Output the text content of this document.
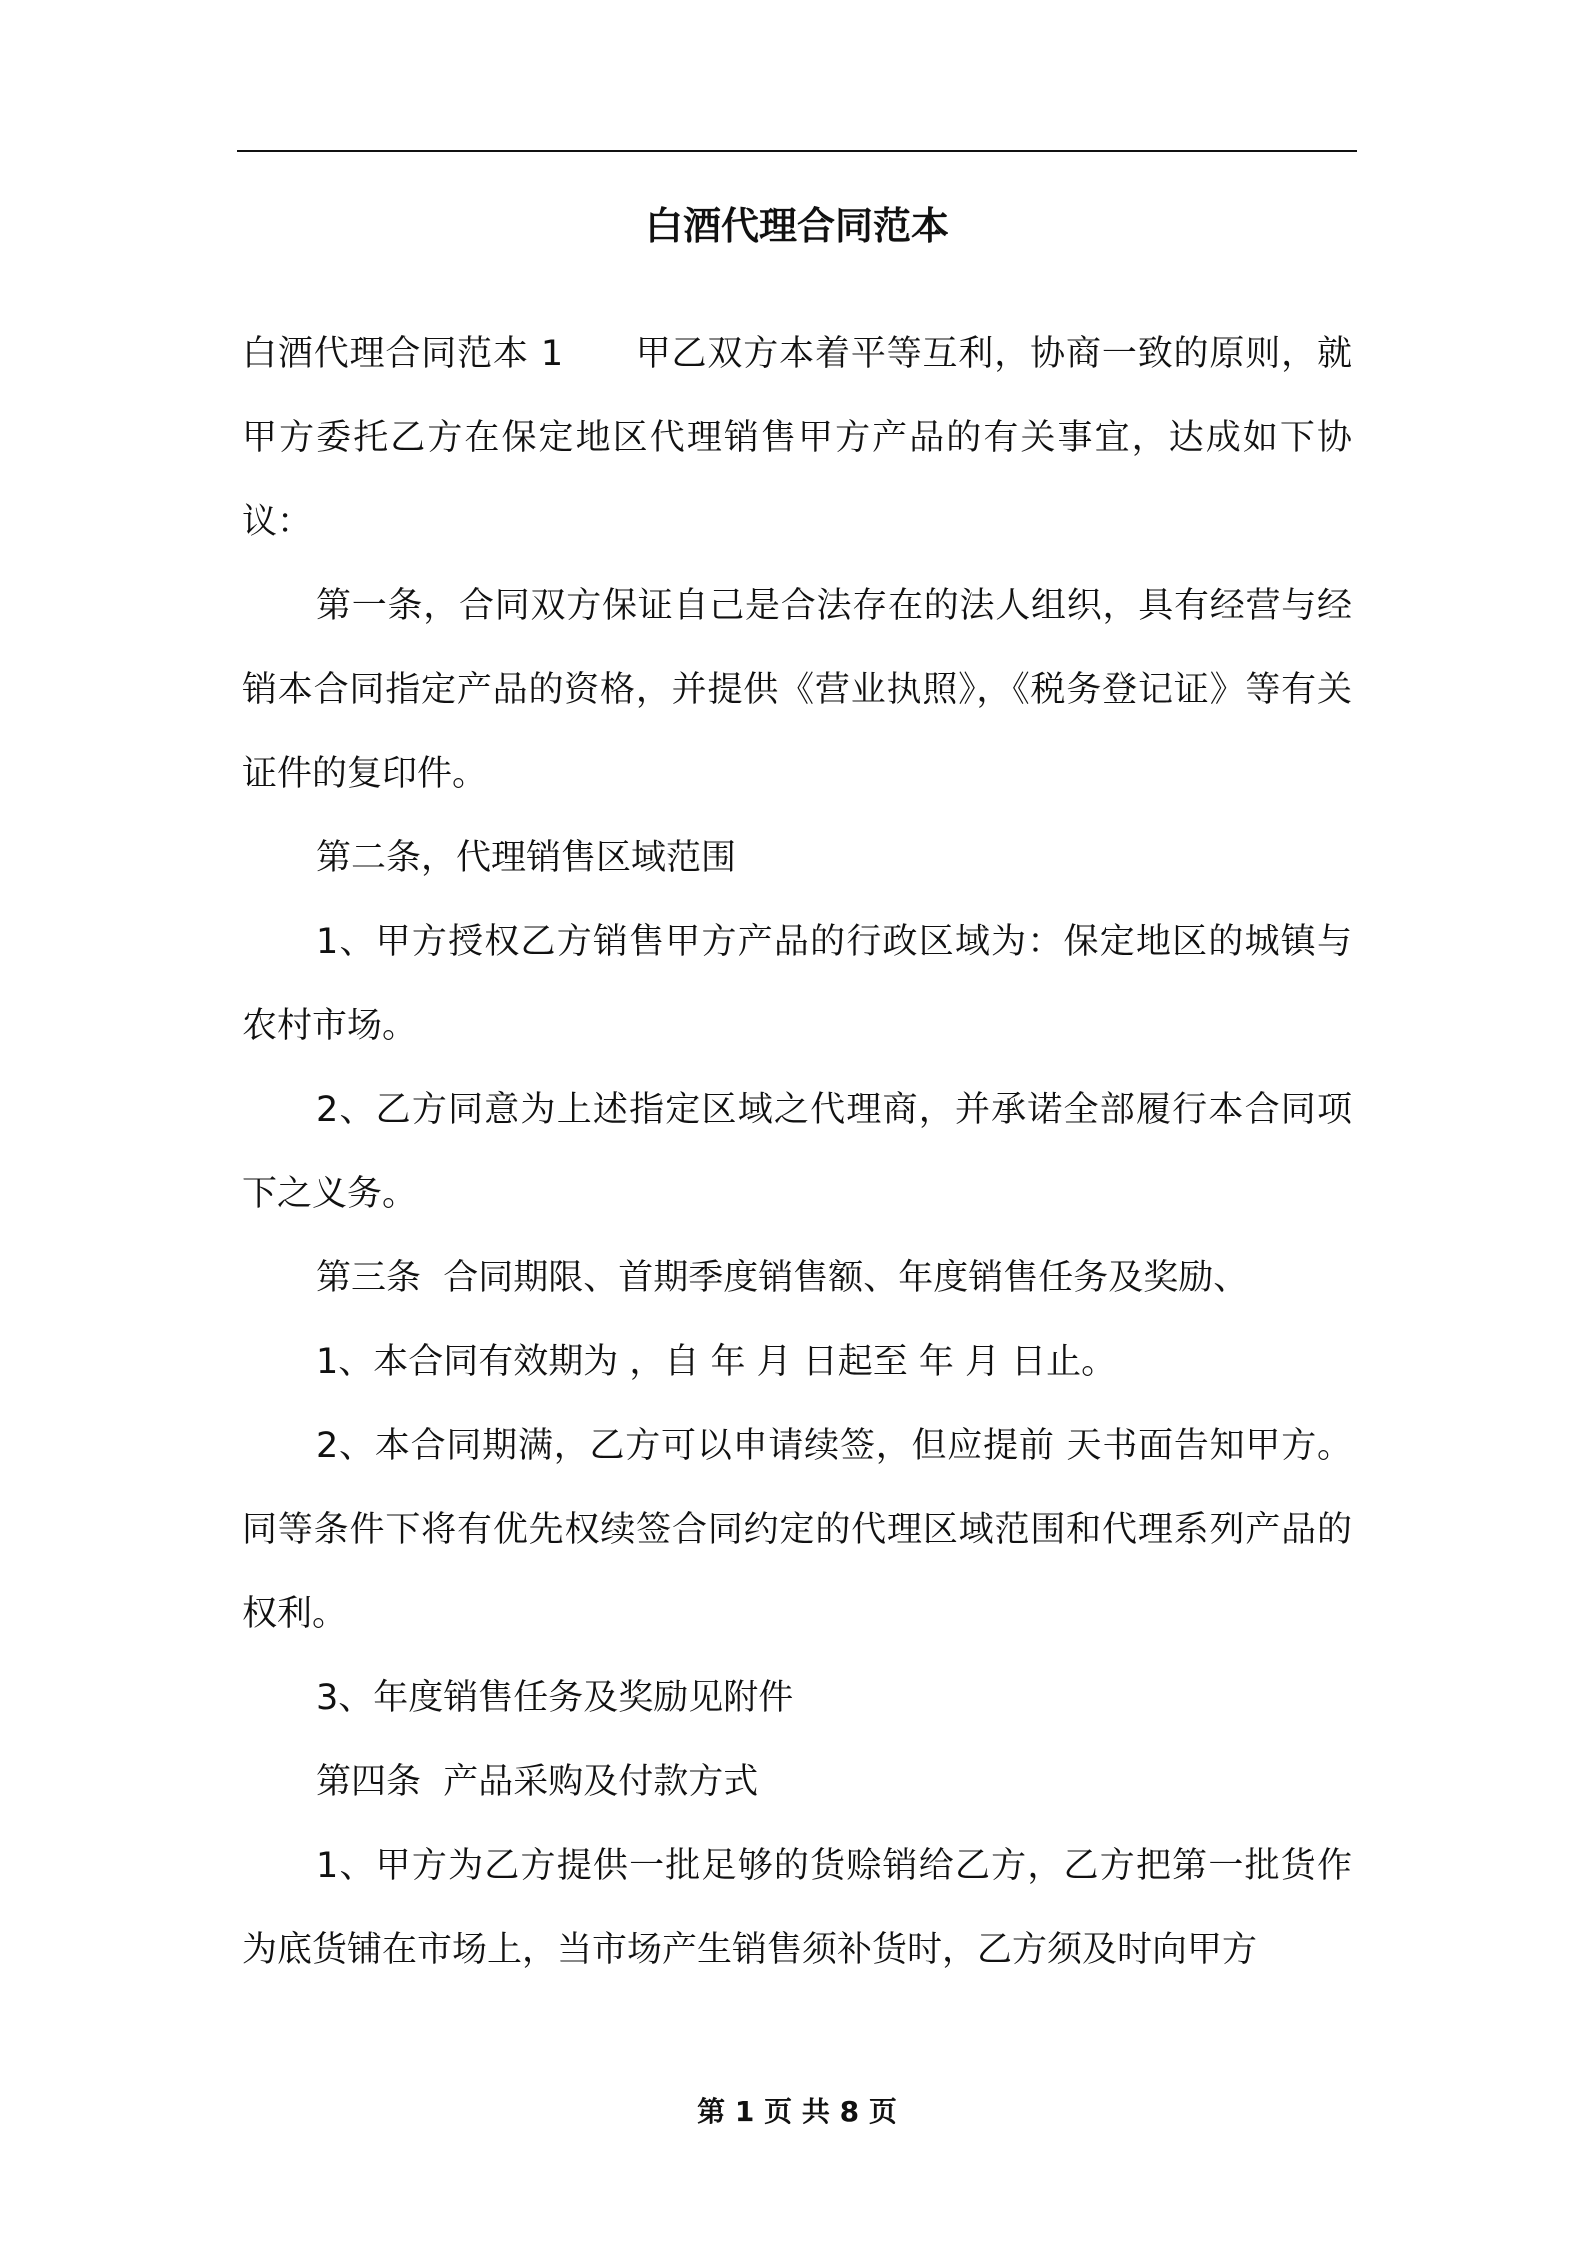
白酒代理合同范本

白酒代理合同范本 1　　甲乙双方本着平等互利，协商一致的原则，就甲方委托乙方在保定地区代理销售甲方产品的有关事宜，达成如下协议：

第一条，合同双方保证自己是合法存在的法人组织，具有经营与经销本合同指定产品的资格，并提供《营业执照》，《税务登记证》等有关证件的复印件。

第二条，代理销售区域范围

1、甲方授权乙方销售甲方产品的行政区域为：保定地区的城镇与农村市场。

2、乙方同意为上述指定区域之代理商，并承诺全部履行本合同项下之义务。

第三条  合同期限、首期季度销售额、年度销售任务及奖励、

1、本合同有效期为 ，自 年 月 日起至 年 月 日止。

2、本合同期满，乙方可以申请续签，但应提前 天书面告知甲方。同等条件下将有优先权续签合同约定的代理区域范围和代理系列产品的权利。

3、年度销售任务及奖励见附件

第四条  产品采购及付款方式

1、甲方为乙方提供一批足够的货赊销给乙方，乙方把第一批货作为底货铺在市场上，当市场产生销售须补货时，乙方须及时向甲方

第 1 页 共 8 页
